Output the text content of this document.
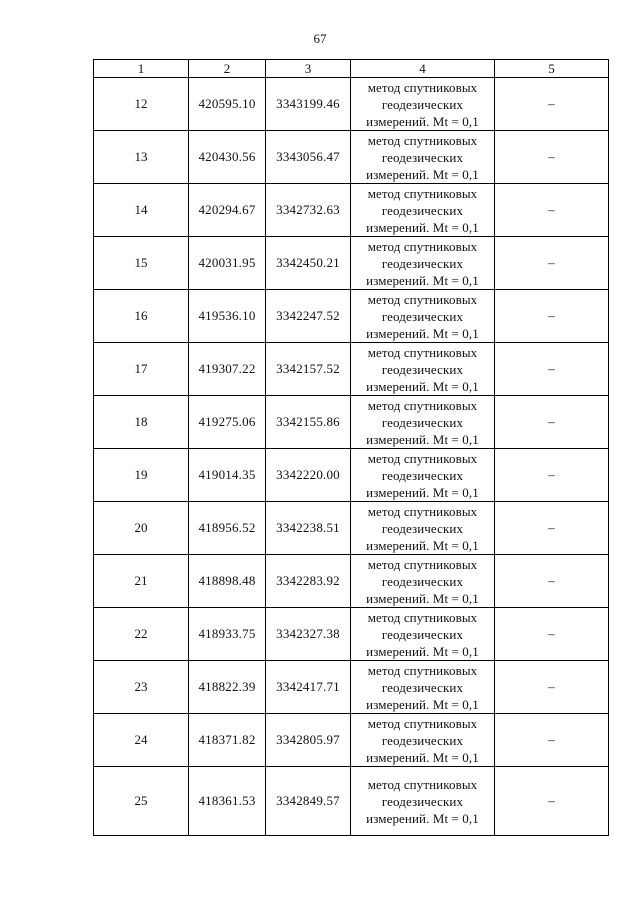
67
1	2	3	4	5
12	420595.10	3343199.46	метод спутниковых
геодезических
измерений. Mt = 0,1	–
13	420430.56	3343056.47	метод спутниковых
геодезических
измерений. Mt = 0,1	–
14	420294.67	3342732.63	метод спутниковых
геодезических
измерений. Mt = 0,1	–
15	420031.95	3342450.21	метод спутниковых
геодезических
измерений. Mt = 0,1	–
16	419536.10	3342247.52	метод спутниковых
геодезических
измерений. Mt = 0,1	–
17	419307.22	3342157.52	метод спутниковых
геодезических
измерений. Mt = 0,1	–
18	419275.06	3342155.86	метод спутниковых
геодезических
измерений. Mt = 0,1	–
19	419014.35	3342220.00	метод спутниковых
геодезических
измерений. Mt = 0,1	–
20	418956.52	3342238.51	метод спутниковых
геодезических
измерений. Mt = 0,1	–
21	418898.48	3342283.92	метод спутниковых
геодезических
измерений. Mt = 0,1	–
22	418933.75	3342327.38	метод спутниковых
геодезических
измерений. Mt = 0,1	–
23	418822.39	3342417.71	метод спутниковых
геодезических
измерений. Mt = 0,1	–
24	418371.82	3342805.97	метод спутниковых
геодезических
измерений. Mt = 0,1	–
25	418361.53	3342849.57	метод спутниковых
геодезических
измерений. Mt = 0,1	–
